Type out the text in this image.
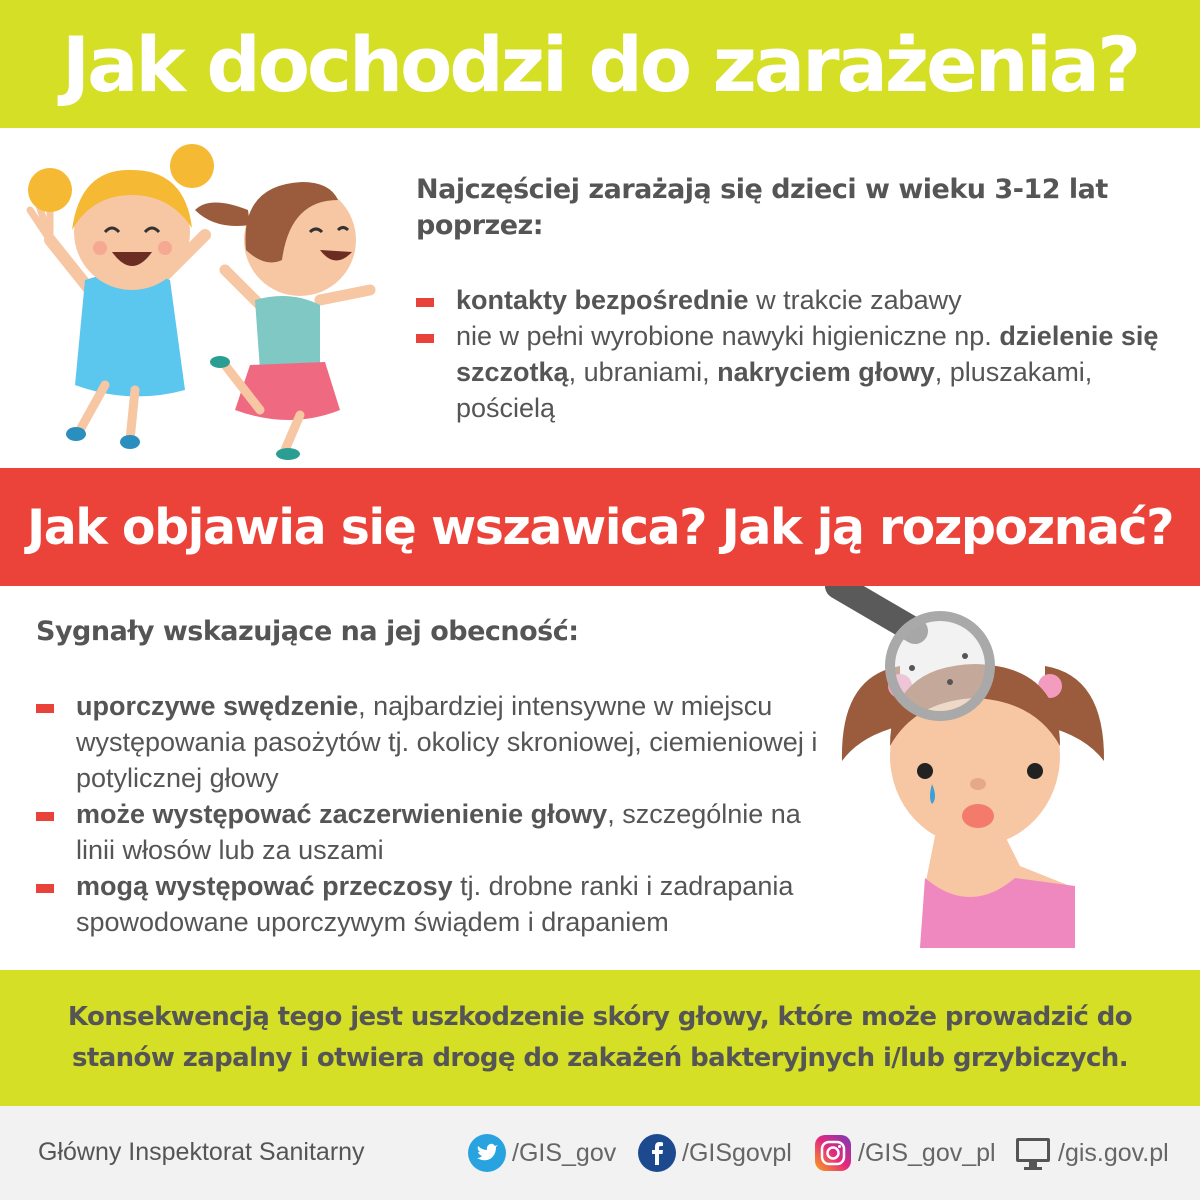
Jak dochodzi do zarażenia?
Najczęściej zarażają się dzieci w wieku 3-12 lat poprzez:
kontakty bezpośrednie w trakcie zabawy
nie w pełni wyrobione nawyki higieniczne np. dzielenie się szczotką, ubraniami, nakryciem głowy, pluszakami, pościelą
Jak objawia się wszawica? Jak ją rozpoznać?
Sygnały wskazujące na jej obecność:
uporczywe swędzenie, najbardziej intensywne w miejscu występowania pasożytów tj. okolicy skroniowej, ciemieniowej i potylicznej głowy
może występować zaczerwienienie głowy, szczególnie na linii włosów lub za uszami
mogą występować przeczosy tj. drobne ranki i zadrapania spowodowane uporczywym świądem i drapaniem

Konsekwencją tego jest uszkodzenie skóry głowy, które może prowadzić do stanów zapalny i otwiera drogę do zakażeń bakteryjnych i/lub grzybiczych.

Główny Inspektorat Sanitarny	/GIS_gov	/GISgovpl	/GIS_gov_pl /gis.gov.pl
